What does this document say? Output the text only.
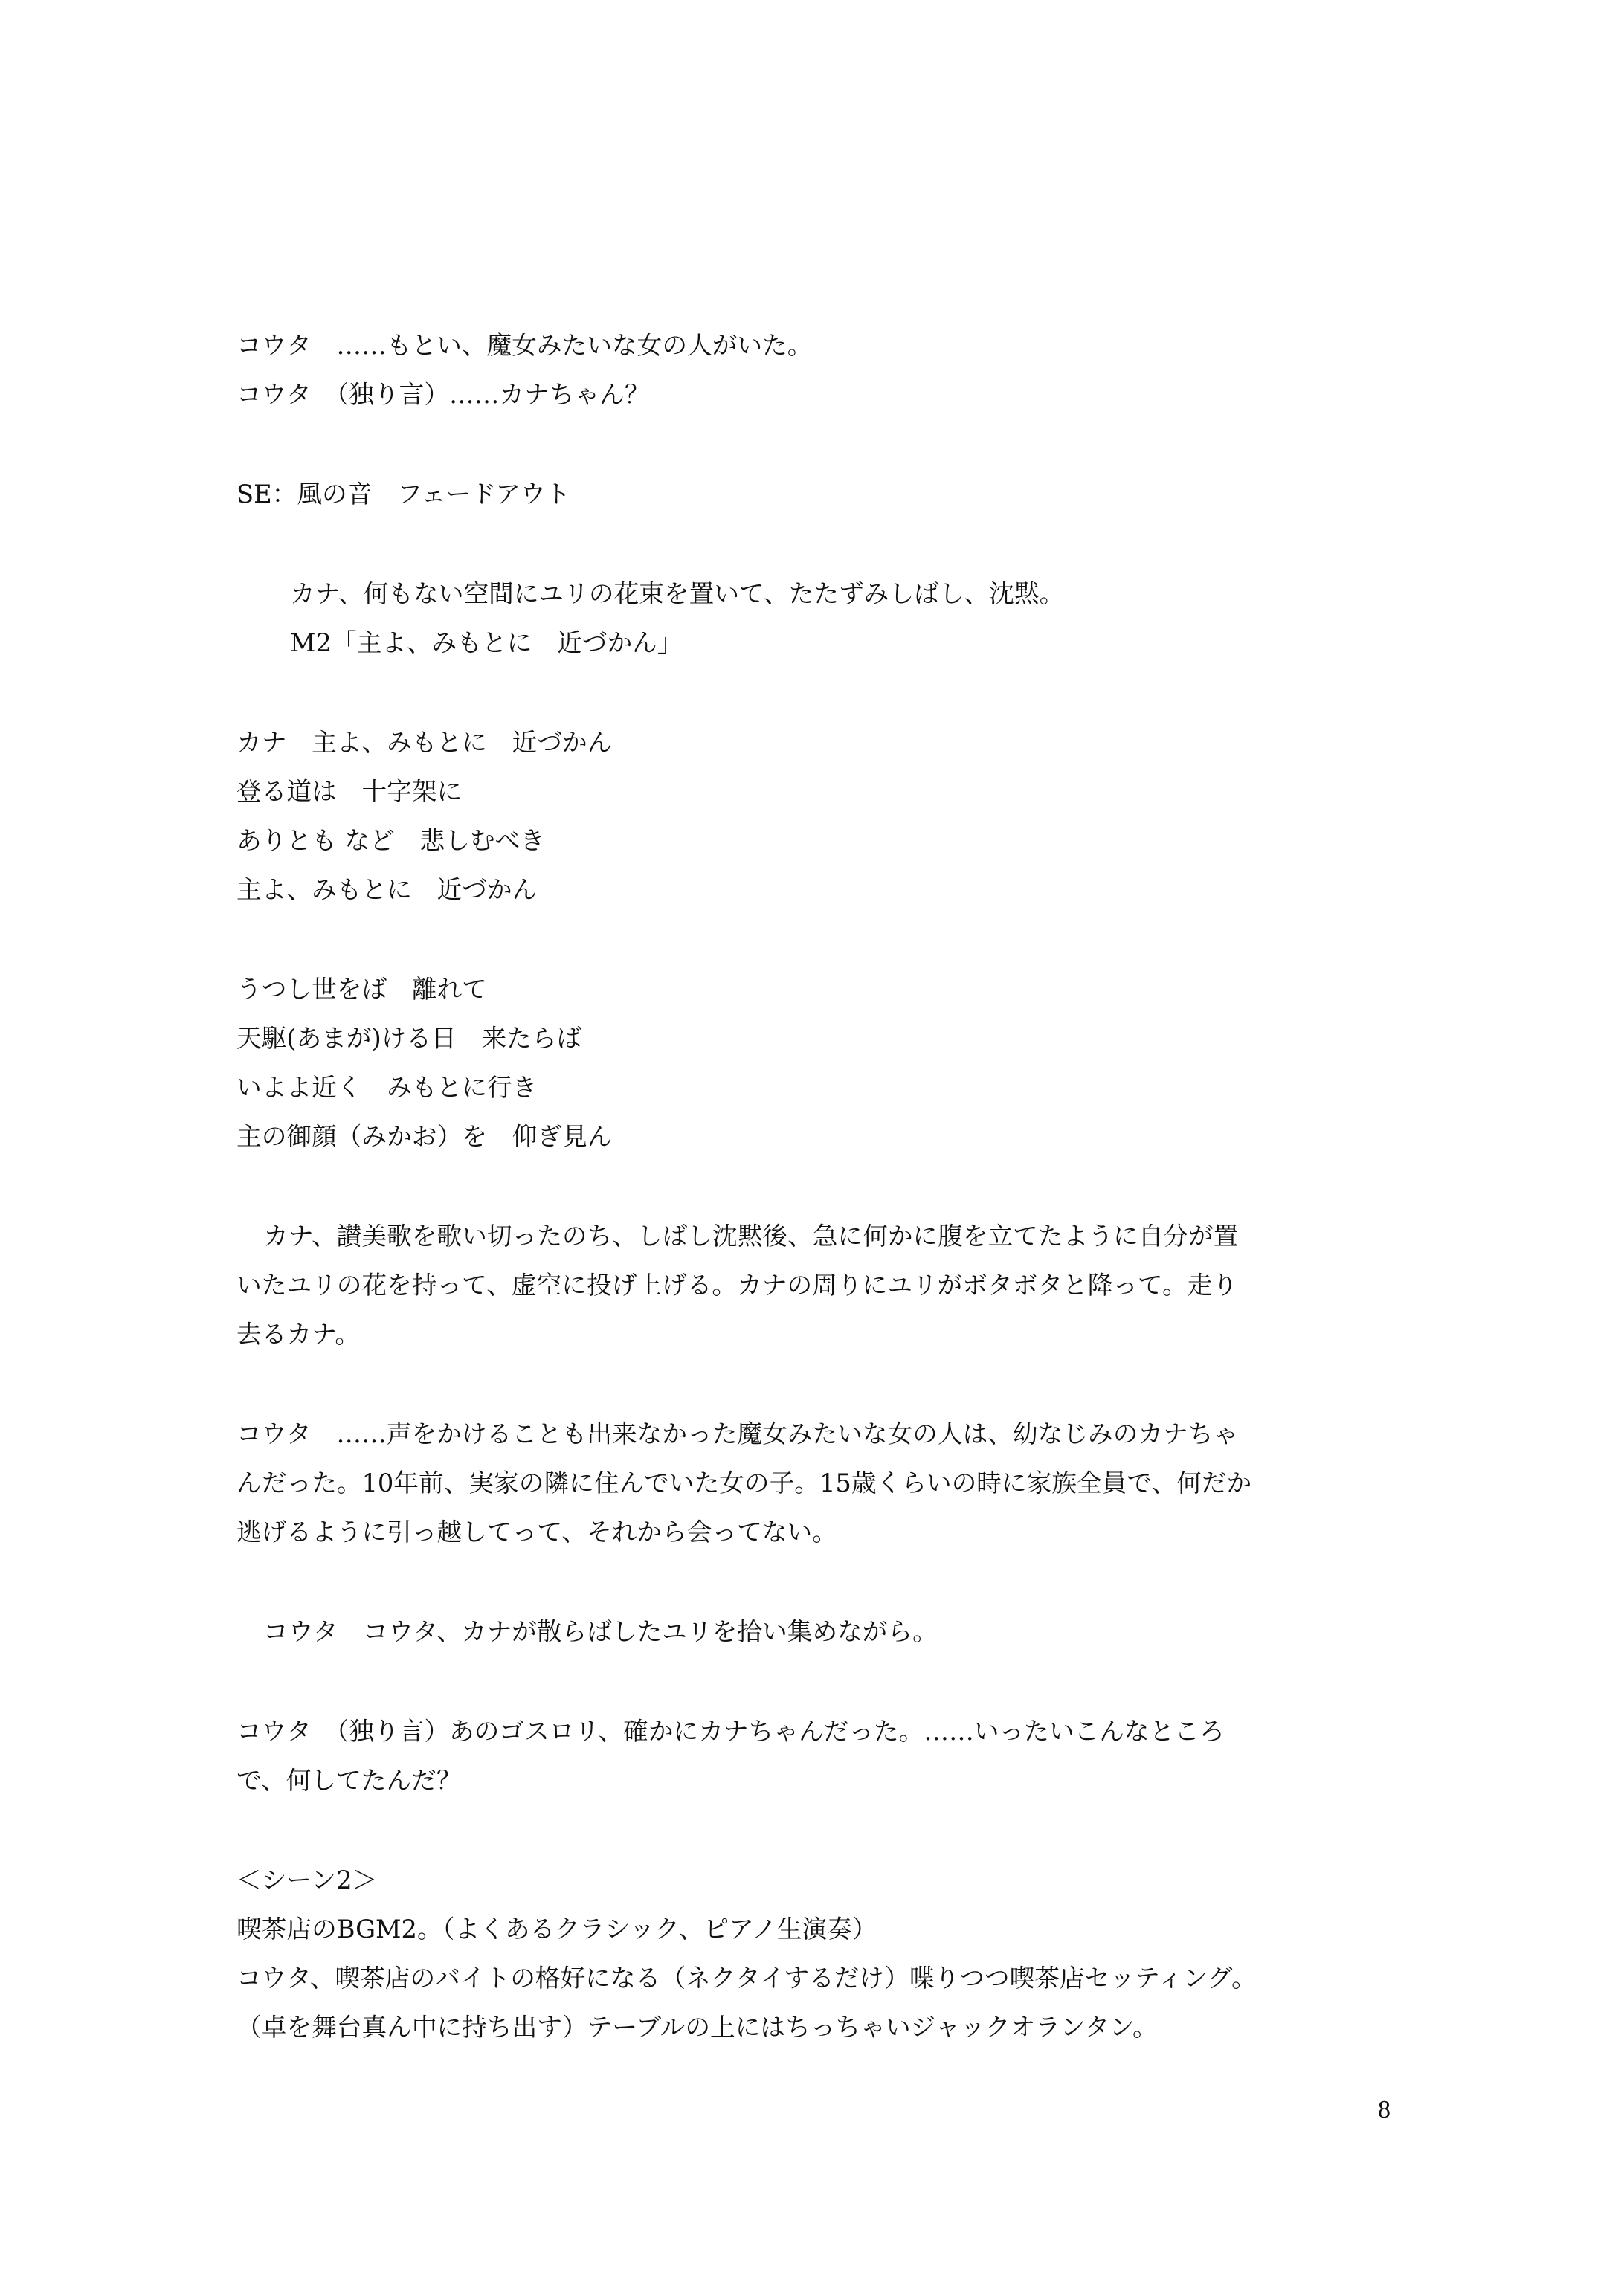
コウタ　……もとい、魔女みたいな女の人がいた。
コウタ　（独り言）……カナちゃん？
SE：風の音　フェードアウト
カナ、何もない空間にユリの花束を置いて、たたずみしばし、沈黙。
M2「主よ、みもとに　近づかん」
カナ　主よ、みもとに　近づかん
登る道は　十字架に
ありとも など　悲しむべき
主よ、みもとに　近づかん
うつし世をば　離れて
天駆(あまが)ける日　来たらば
いよよ近く　みもとに行き
主の御顔（みかお）を　仰ぎ見ん
カナ、讃美歌を歌い切ったのち、しばし沈黙後、急に何かに腹を立てたように自分が置
いたユリの花を持って、虚空に投げ上げる。カナの周りにユリがボタボタと降って。走り
去るカナ。
コウタ　……声をかけることも出来なかった魔女みたいな女の人は、幼なじみのカナちゃ
んだった。10年前、実家の隣に住んでいた女の子。15歳くらいの時に家族全員で、何だか
逃げるように引っ越してって、それから会ってない。
コウタ　コウタ、カナが散らばしたユリを拾い集めながら。
コウタ　（独り言）あのゴスロリ、確かにカナちゃんだった。……いったいこんなところ
で、何してたんだ？
＜シーン2＞
喫茶店のBGM2。（よくあるクラシック、ピアノ生演奏）
コウタ、喫茶店のバイトの格好になる（ネクタイするだけ）喋りつつ喫茶店セッティング。
（卓を舞台真ん中に持ち出す）テーブルの上にはちっちゃいジャックオランタン。
8
